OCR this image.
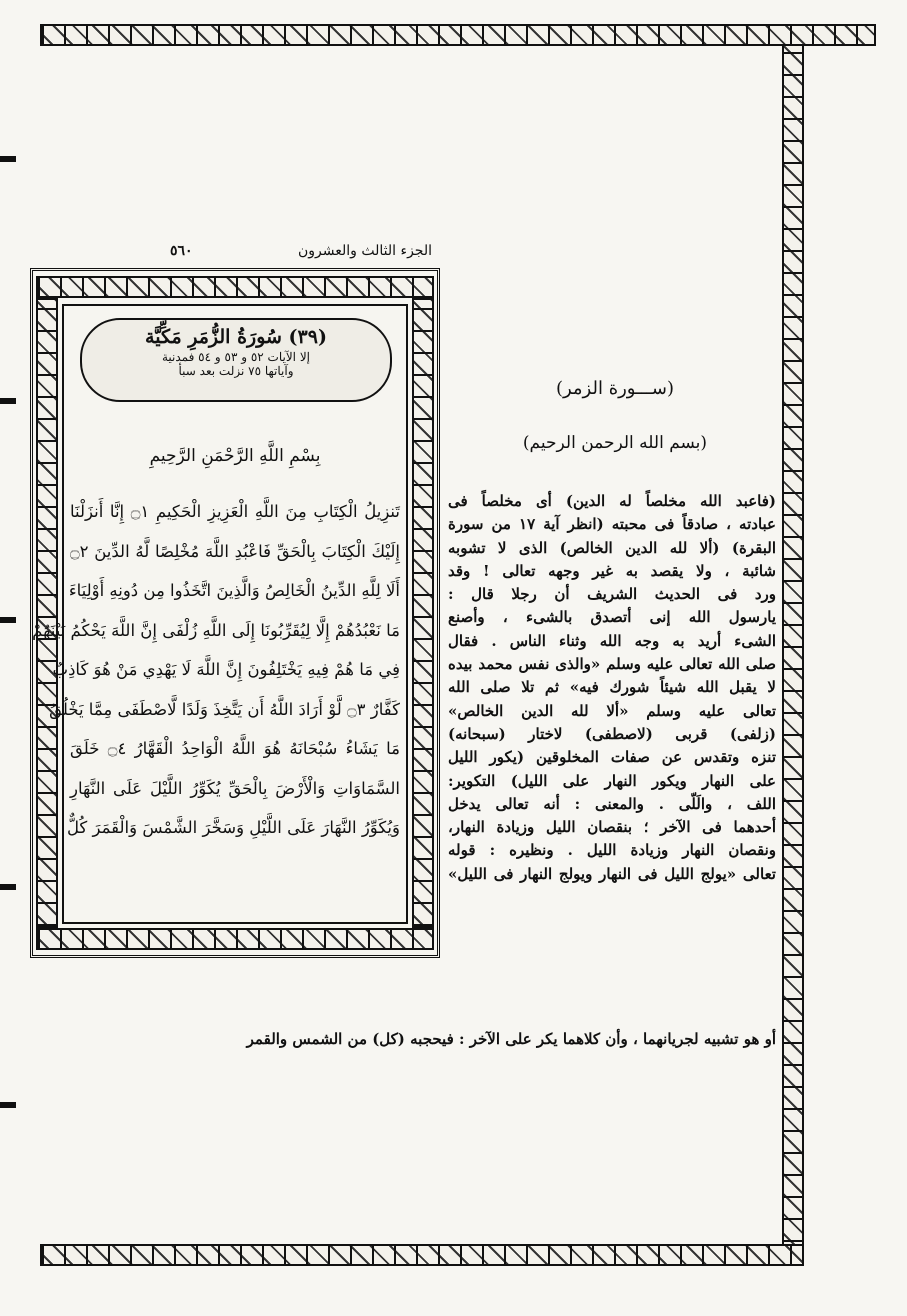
الجزء الثالث والعشرون
٥٦٠
(٣٩) سُورَةُ الزُّمَرِ مَكِّيَّة
إلا الآيات ٥٢ و ٥٣ و ٥٤ فمدنية
وآياتها ٧٥ نزلت بعد سبأ
بِسْمِ اللَّهِ الرَّحْمَنِ الرَّحِيمِ
تَنزِيلُ الْكِتَابِ مِنَ اللَّهِ الْعَزِيزِ الْحَكِيمِ ۝١ إِنَّا أَنزَلْنَا
إِلَيْكَ الْكِتَابَ بِالْحَقِّ فَاعْبُدِ اللَّهَ مُخْلِصًا لَّهُ الدِّينَ ۝٢
أَلَا لِلَّهِ الدِّينُ الْخَالِصُ وَالَّذِينَ اتَّخَذُوا مِن دُونِهِ أَوْلِيَاءَ
مَا نَعْبُدُهُمْ إِلَّا لِيُقَرِّبُونَا إِلَى اللَّهِ زُلْفَى إِنَّ اللَّهَ يَحْكُمُ بَيْنَهُمْ
فِي مَا هُمْ فِيهِ يَخْتَلِفُونَ إِنَّ اللَّهَ لَا يَهْدِي مَنْ هُوَ كَاذِبٌ
كَفَّارٌ ۝٣ لَّوْ أَرَادَ اللَّهُ أَن يَتَّخِذَ وَلَدًا لَّاصْطَفَى مِمَّا يَخْلُقُ
مَا يَشَاءُ سُبْحَانَهُ هُوَ اللَّهُ الْوَاحِدُ الْقَهَّارُ ۝٤ خَلَقَ
السَّمَاوَاتِ وَالْأَرْضَ بِالْحَقِّ يُكَوِّرُ اللَّيْلَ عَلَى النَّهَارِ
وَيُكَوِّرُ النَّهَارَ عَلَى اللَّيْلِ وَسَخَّرَ الشَّمْسَ وَالْقَمَرَ كُلٌّ
(ســـورة الزمر)
(بسم الله الرحمن الرحيم)
(فاعبد الله مخلصاً له الدين) أى مخلصاً فى
عبادته ، صادقاً فى محبته (انظر آية ١٧ من سورة
البقرة) (ألا لله الدين الخالص) الذى لا تشوبه
شائبة ، ولا يقصد به غير وجهه تعالى ! وقد
ورد فى الحديث الشريف أن رجلا قال :
يارسول الله إنى أتصدق بالشىء ، وأصنع
الشىء أريد به وجه الله وثناء الناس . فقال
صلى الله تعالى عليه وسلم «والذى نفس محمد بيده
لا يقبل الله شيئاً شورك فيه» ثم تلا صلى الله
تعالى عليه وسلم «ألا لله الدين الخالص»
(زلفى) قربى (لاصطفى) لاختار (سبحانه)
تنزه وتقدس عن صفات المخلوقين (يكور الليل
على النهار ويكور النهار على الليل) التكوير:
اللف ، والَلّى . والمعنى : أنه تعالى يدخل
أحدهما فى الآخر ؛ بنقصان الليل وزيادة النهار،
ونقصان النهار وزيادة الليل . ونظيره : قوله
تعالى «يولج الليل فى النهار ويولج النهار فى الليل»
أو هو تشبيه لجريانهما ، وأن كلاهما يكر على الآخر : فيحجبه (كل) من الشمس والقمر
